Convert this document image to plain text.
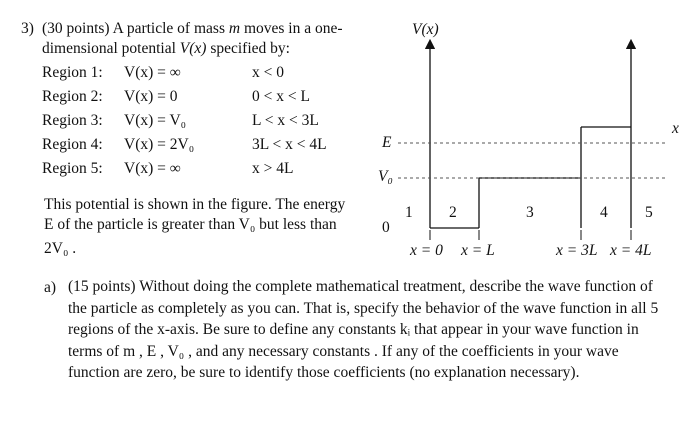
3) (30 points) A particle of mass m moves in a one-
dimensional potential V(x) specified by:
Region 1: V(x) = ∞	x < 0
Region 2: V(x) = 0	0 < x < L
Region 3: V(x) = V₀	L < x < 3L
Region 4: V(x) = 2V₀	3L < x < 4L
Region 5: V(x) = ∞	x > 4L
This potential is shown in the figure. The energy
E of the particle is greater than V₀ but less than
2V₀ .
V(x)
x
E
V₀
0
1 2	3	4 5
x = 0 x = L	x = 3L x = 4L
a) (15 points) Without doing the complete mathematical treatment, describe the wave function of
the particle as completely as you can. That is, specify the behavior of the wave function in all 5
regions of the x-axis. Be sure to define any constants kᵢ that appear in your wave function in
terms of m , E , V₀ , and any necessary constants . If any of the coefficients in your wave
function are zero, be sure to identify those coefficients (no explanation necessary).
